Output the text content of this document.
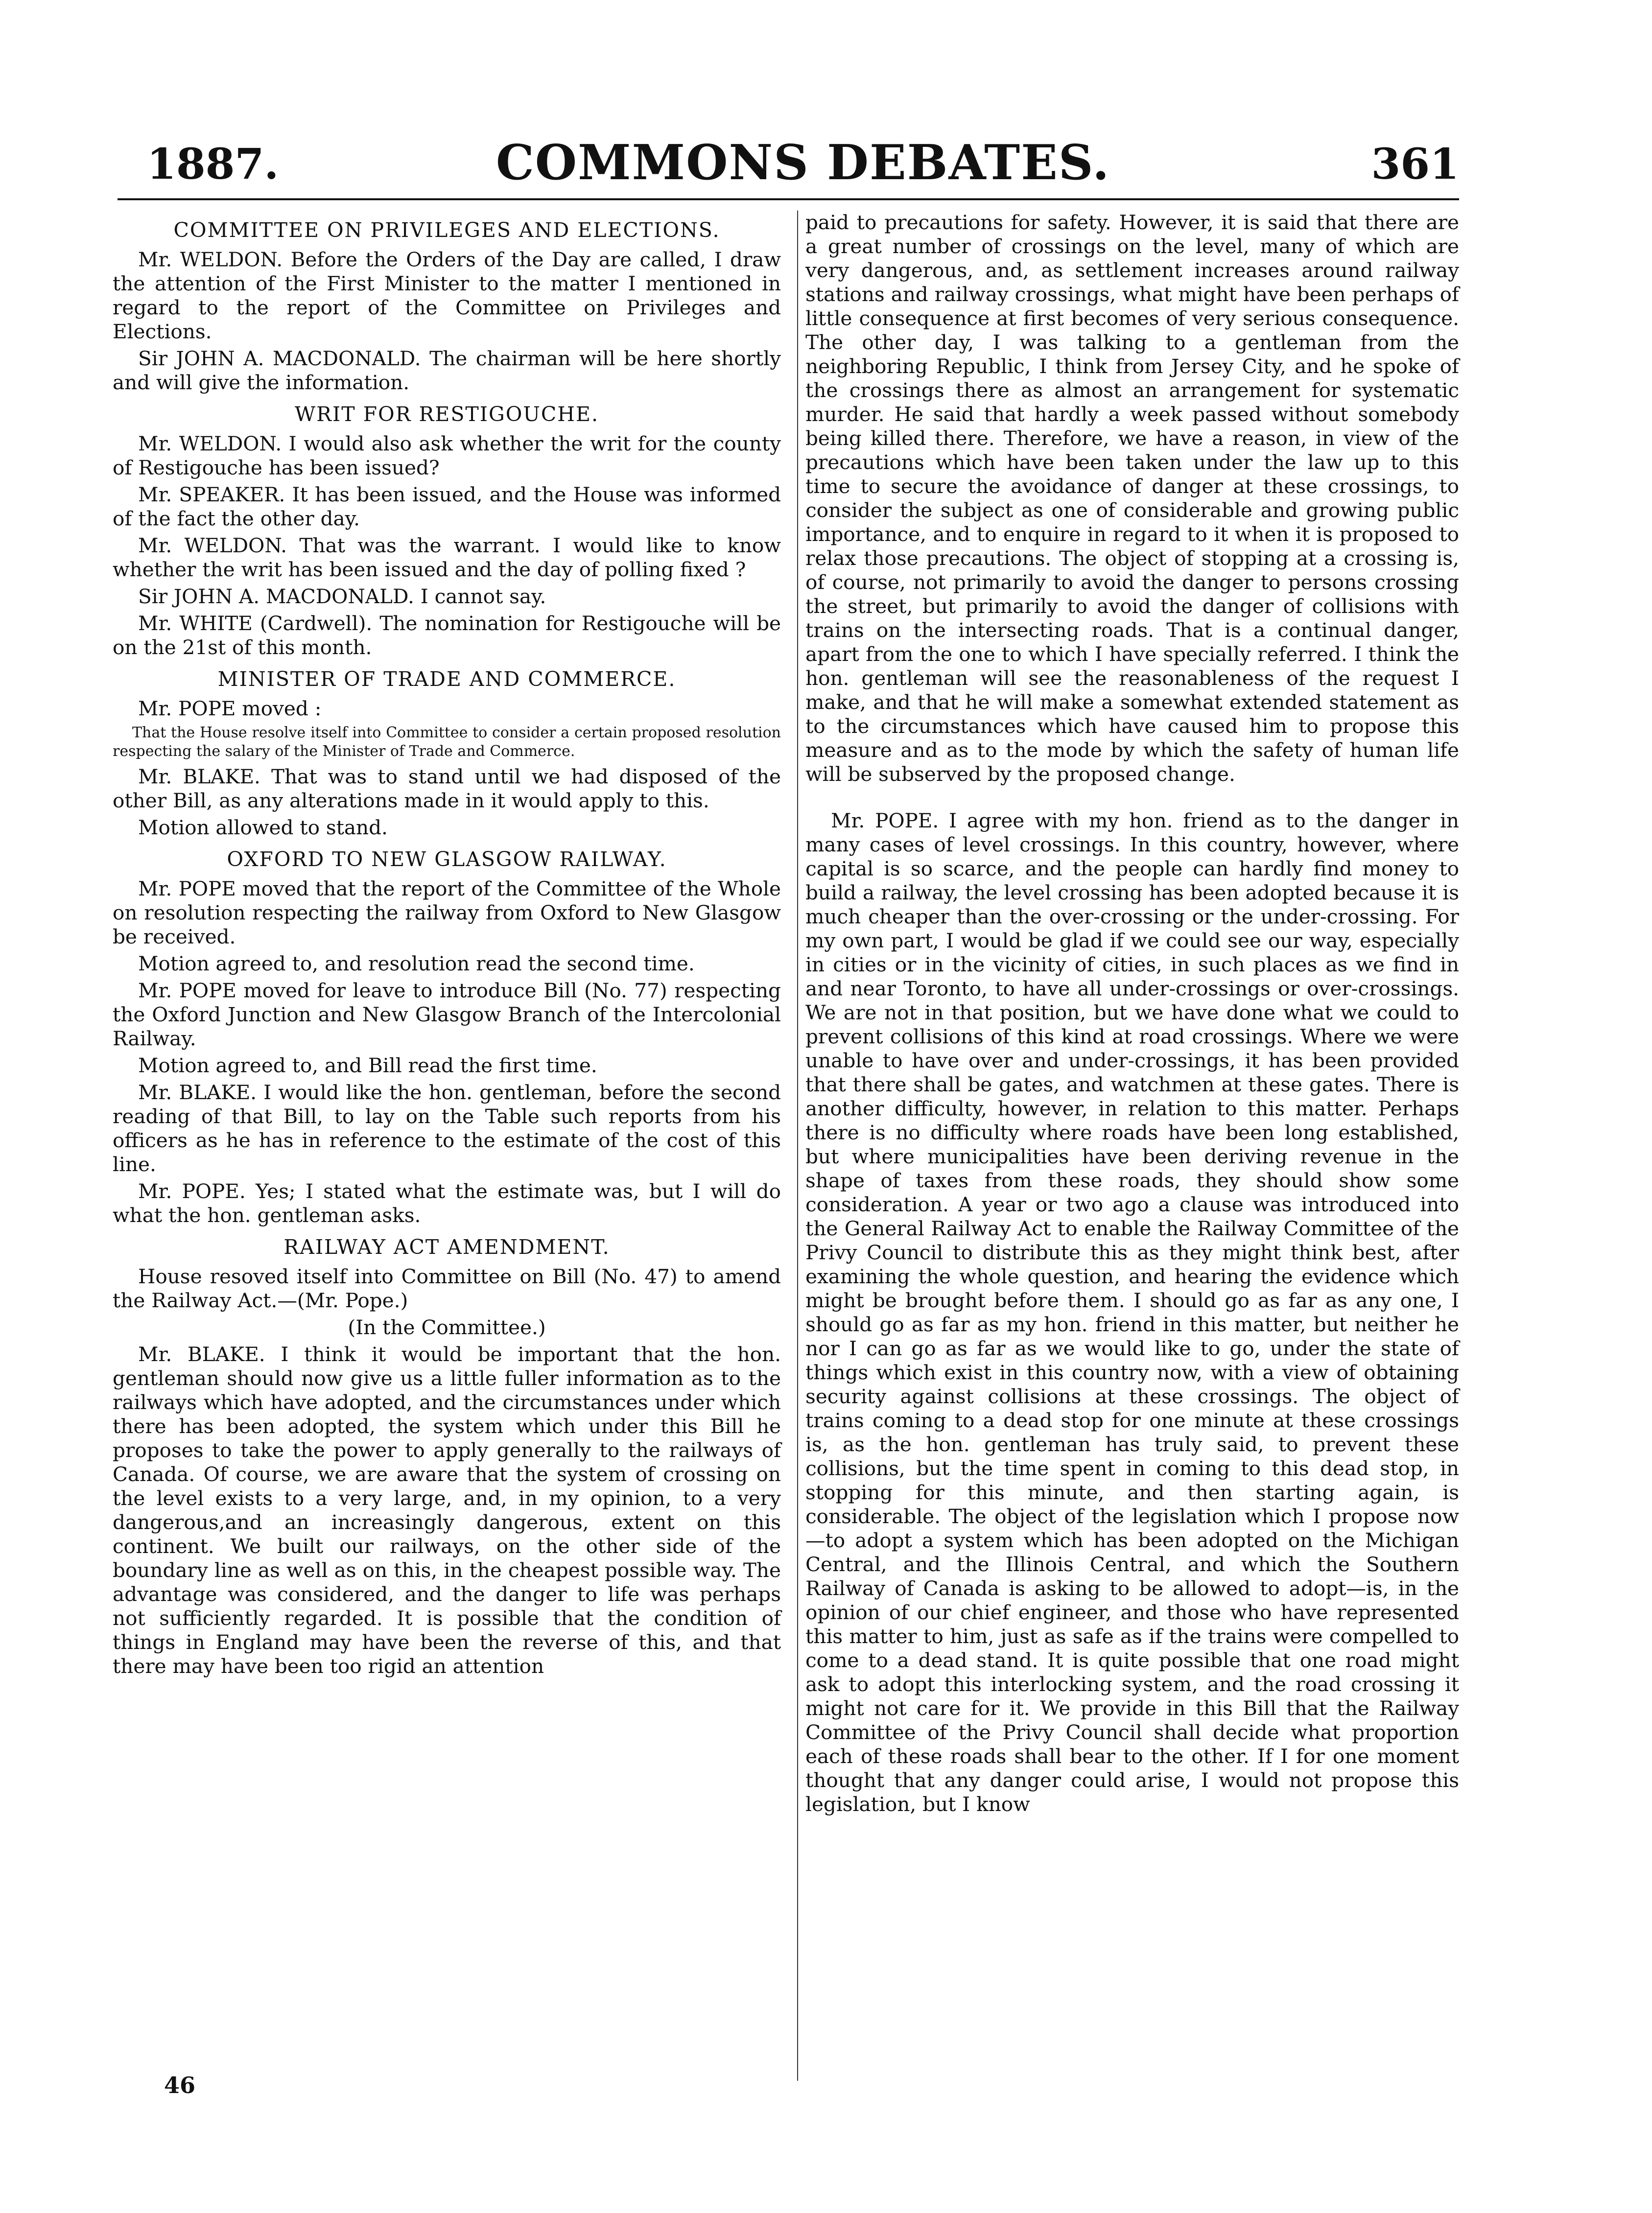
1887.	COMMONS DEBATES.	361
COMMITTEE ON PRIVILEGES AND ELECTIONS.

Mr. WELDON. Before the Orders of the Day are called, I draw the attention of the First Minister to the matter I mentioned in regard to the report of the Committee on Privileges and Elections.

Sir JOHN A. MACDONALD. The chairman will be here shortly and will give the information.

WRIT FOR RESTIGOUCHE.

Mr. WELDON. I would also ask whether the writ for the county of Restigouche has been issued?

Mr. SPEAKER. It has been issued, and the House was informed of the fact the other day.

Mr. WELDON. That was the warrant. I would like to know whether the writ has been issued and the day of polling fixed ?

Sir JOHN A. MACDONALD. I cannot say.

Mr. WHITE (Cardwell). The nomination for Restigouche will be on the 21st of this month.

MINISTER OF TRADE AND COMMERCE.

Mr. POPE moved :

That the House resolve itself into Committee to consider a certain proposed resolution respecting the salary of the Minister of Trade and Commerce.

Mr. BLAKE. That was to stand until we had disposed of the other Bill, as any alterations made in it would apply to this.

Motion allowed to stand.

OXFORD TO NEW GLASGOW RAILWAY.

Mr. POPE moved that the report of the Committee of the Whole on resolution respecting the railway from Oxford to New Glasgow be received.

Motion agreed to, and resolution read the second time.

Mr. POPE moved for leave to introduce Bill (No. 77) respecting the Oxford Junction and New Glasgow Branch of the Intercolonial Railway.

Motion agreed to, and Bill read the first time.

Mr. BLAKE. I would like the hon. gentleman, before the second reading of that Bill, to lay on the Table such reports from his officers as he has in reference to the estimate of the cost of this line.

Mr. POPE. Yes; I stated what the estimate was, but I will do what the hon. gentleman asks.

RAILWAY ACT AMENDMENT.

House resoved itself into Committee on Bill (No. 47) to amend the Railway Act.—(Mr. Pope.)

(In the Committee.)

Mr. BLAKE. I think it would be important that the hon. gentleman should now give us a little fuller information as to the railways which have adopted, and the circumstances under which there has been adopted, the system which under this Bill he proposes to take the power to apply generally to the railways of Canada. Of course, we are aware that the system of crossing on the level exists to a very large, and, in my opinion, to a very dangerous,and an increasingly dangerous, extent on this continent. We built our railways, on the other side of the boundary line as well as on this, in the cheapest possible way. The advantage was considered, and the danger to life was perhaps not sufficiently regarded. It is possible that the condition of things in England may have been the reverse of this, and that there may have been too rigid an attention

paid to precautions for safety. However, it is said that there are a great number of crossings on the level, many of which are very dangerous, and, as settlement increases around railway stations and railway crossings, what might have been perhaps of little consequence at first becomes of very serious consequence. The other day, I was talking to a gentleman from the neighboring Republic, I think from Jersey City, and he spoke of the crossings there as almost an arrangement for systematic murder. He said that hardly a week passed without somebody being killed there. Therefore, we have a reason, in view of the precautions which have been taken under the law up to this time to secure the avoidance of danger at these crossings, to consider the subject as one of considerable and growing public importance, and to enquire in regard to it when it is proposed to relax those precautions. The object of stopping at a crossing is, of course, not primarily to avoid the danger to persons crossing the street, but primarily to avoid the danger of collisions with trains on the intersecting roads. That is a continual danger, apart from the one to which I have specially referred. I think the hon. gentleman will see the reasonableness of the request I make, and that he will make a somewhat extended statement as to the circumstances which have caused him to propose this measure and as to the mode by which the safety of human life will be subserved by the proposed change.

Mr. POPE. I agree with my hon. friend as to the danger in many cases of level crossings. In this country, however, where capital is so scarce, and the people can hardly find money to build a railway, the level crossing has been adopted because it is much cheaper than the over-crossing or the under-crossing. For my own part, I would be glad if we could see our way, especially in cities or in the vicinity of cities, in such places as we find in and near Toronto, to have all under-crossings or over-crossings. We are not in that position, but we have done what we could to prevent collisions of this kind at road crossings. Where we were unable to have over and under-crossings, it has been provided that there shall be gates, and watchmen at these gates. There is another difficulty, however, in relation to this matter. Perhaps there is no difficulty where roads have been long established, but where municipalities have been deriving revenue in the shape of taxes from these roads, they should show some consideration. A year or two ago a clause was introduced into the General Railway Act to enable the Railway Committee of the Privy Council to distribute this as they might think best, after examining the whole question, and hearing the evidence which might be brought before them. I should go as far as any one, I should go as far as my hon. friend in this matter, but neither he nor I can go as far as we would like to go, under the state of things which exist in this country now, with a view of obtaining security against collisions at these crossings. The object of trains coming to a dead stop for one minute at these crossings is, as the hon. gentleman has truly said, to prevent these collisions, but the time spent in coming to this dead stop, in stopping for this minute, and then starting again, is considerable. The object of the legislation which I propose now—to adopt a system which has been adopted on the Michigan Central, and the Illinois Central, and which the Southern Railway of Canada is asking to be allowed to adopt—is, in the opinion of our chief engineer, and those who have represented this matter to him, just as safe as if the trains were compelled to come to a dead stand. It is quite possible that one road might ask to adopt this interlocking system, and the road crossing it might not care for it. We provide in this Bill that the Railway Committee of the Privy Council shall decide what proportion each of these roads shall bear to the other. If I for one moment thought that any danger could arise, I would not propose this legislation, but I know

46
